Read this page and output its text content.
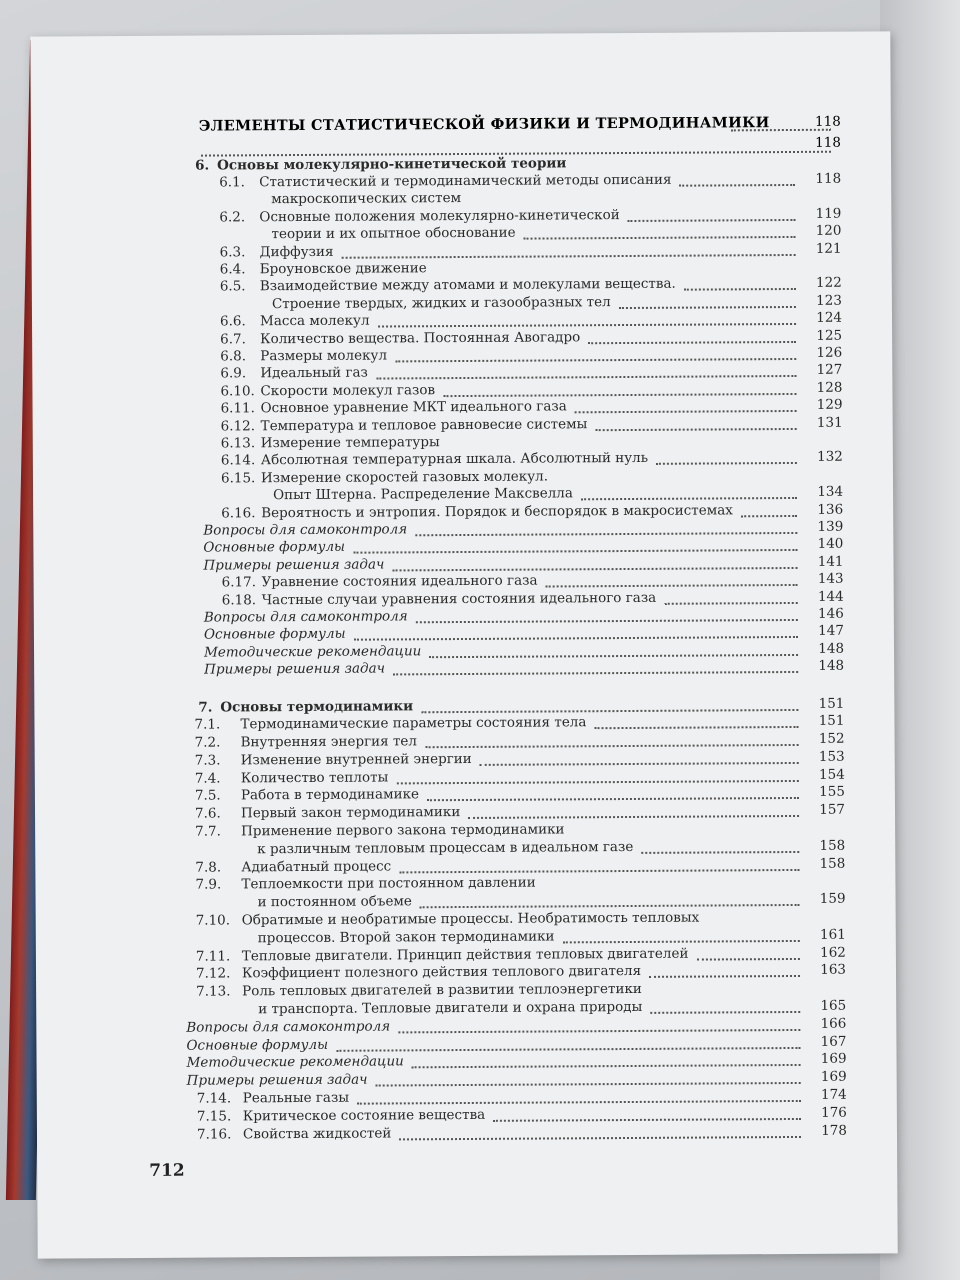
ЭЛЕМЕНТЫ СТАТИСТИЧЕСКОЙ ФИЗИКИ И ТЕРМОДИНАМИКИ	118
118
6. Основы молекулярно-кинетической теории
6.1. Статистический и термодинамический методы описания	118
макроскопических систем
6.2. Основные положения молекулярно-кинетической	119
теории и их опытное обоснование	120
6.3. Диффузия	121
6.4. Броуновское движение
6.5. Взаимодействие между атомами и молекулами вещества.	122
Строение твердых, жидких и газообразных тел	123
6.6. Масса молекул	124
6.7. Количество вещества. Постоянная Авогадро	125
6.8. Размеры молекул	126
6.9. Идеальный газ	127
6.10. Скорости молекул газов	128
6.11. Основное уравнение МКТ идеального газа	129
6.12. Температура и тепловое равновесие системы	131
6.13. Измерение температуры
6.14. Абсолютная температурная шкала. Абсолютный нуль	132
6.15. Измерение скоростей газовых молекул.
Опыт Штерна. Распределение Максвелла	134
6.16. Вероятность и энтропия. Порядок и беспорядок в макросистемах	136
Вопросы для самоконтроля	139
Основные формулы	140
Примеры решения задач	141
6.17. Уравнение состояния идеального газа	143
6.18. Частные случаи уравнения состояния идеального газа	144
Вопросы для самоконтроля	146
Основные формулы	147
Методические рекомендации	148
Примеры решения задач	148
7. Основы термодинамики	151
7.1. Термодинамические параметры состояния тела	151
7.2. Внутренняя энергия тел	152
7.3. Изменение внутренней энергии	153
7.4. Количество теплоты	154
7.5. Работа в термодинамике	155
7.6. Первый закон термодинамики	157
7.7. Применение первого закона термодинамики
к различным тепловым процессам в идеальном газе	158
7.8. Адиабатный процесс	158
7.9. Теплоемкости при постоянном давлении
и постоянном объеме	159
7.10. Обратимые и необратимые процессы. Необратимость тепловых
процессов. Второй закон термодинамики	161
7.11. Тепловые двигатели. Принцип действия тепловых двигателей	162
7.12. Коэффициент полезного действия теплового двигателя	163
7.13. Роль тепловых двигателей в развитии теплоэнергетики
и транспорта. Тепловые двигатели и охрана природы	165
Вопросы для самоконтроля	166
Основные формулы	167
Методические рекомендации	169
Примеры решения задач	169
7.14. Реальные газы	174
7.15. Критическое состояние вещества	176
7.16. Свойства жидкостей	178
712
